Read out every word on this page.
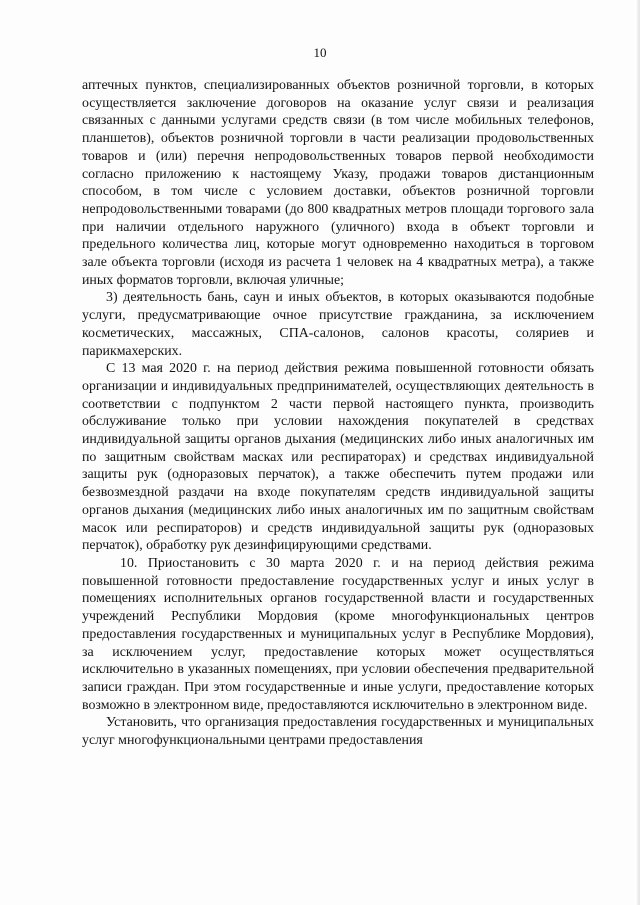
10

аптечных пунктов, специализированных объектов розничной торговли, в которых осуществляется заключение договоров на оказание услуг связи и реализация связанных с данными услугами средств связи (в том числе мобильных телефонов, планшетов), объектов розничной торговли в части реализации продовольственных товаров и (или) перечня непродовольственных товаров первой необходимости согласно приложению к настоящему Указу, продажи товаров дистанционным способом, в том числе с условием доставки, объектов розничной торговли непродовольственными товарами (до 800 квадратных метров площади торгового зала при наличии отдельного наружного (уличного) входа в объект торговли и предельного количества лиц, которые могут одновременно находиться в торговом зале объекта торговли (исходя из расчета 1 человек на 4 квадратных метра), а также иных форматов торговли, включая уличные;

3) деятельность бань, саун и иных объектов, в которых оказываются подобные услуги, предусматривающие очное присутствие гражданина, за исключением косметических, массажных, СПА-салонов, салонов красоты, соляриев и парикмахерских.

С 13 мая 2020 г. на период действия режима повышенной готовности обязать организации и индивидуальных предпринимателей, осуществляющих деятельность в соответствии с подпунктом 2 части первой настоящего пункта, производить обслуживание только при условии нахождения покупателей в средствах индивидуальной защиты органов дыхания (медицинских либо иных аналогичных им по защитным свойствам масках или респираторах) и средствах индивидуальной защиты рук (одноразовых перчаток), а также обеспечить путем продажи или безвозмездной раздачи на входе покупателям средств индивидуальной защиты органов дыхания (медицинских либо иных аналогичных им по защитным свойствам масок или респираторов) и средств индивидуальной защиты рук (одноразовых перчаток), обработку рук дезинфицирующими средствами.

10. Приостановить с 30 марта 2020 г. и на период действия режима повышенной готовности предоставление государственных услуг и иных услуг в помещениях исполнительных органов государственной власти и государственных учреждений Республики Мордовия (кроме многофункциональных центров предоставления государственных и муниципальных услуг в Республике Мордовия), за исключением услуг, предоставление которых может осуществляться исключительно в указанных помещениях, при условии обеспечения предварительной записи граждан. При этом государственные и иные услуги, предоставление которых возможно в электронном виде, предоставляются исключительно в электронном виде.

Установить, что организация предоставления государственных и муниципальных услуг многофункциональными центрами предоставления
